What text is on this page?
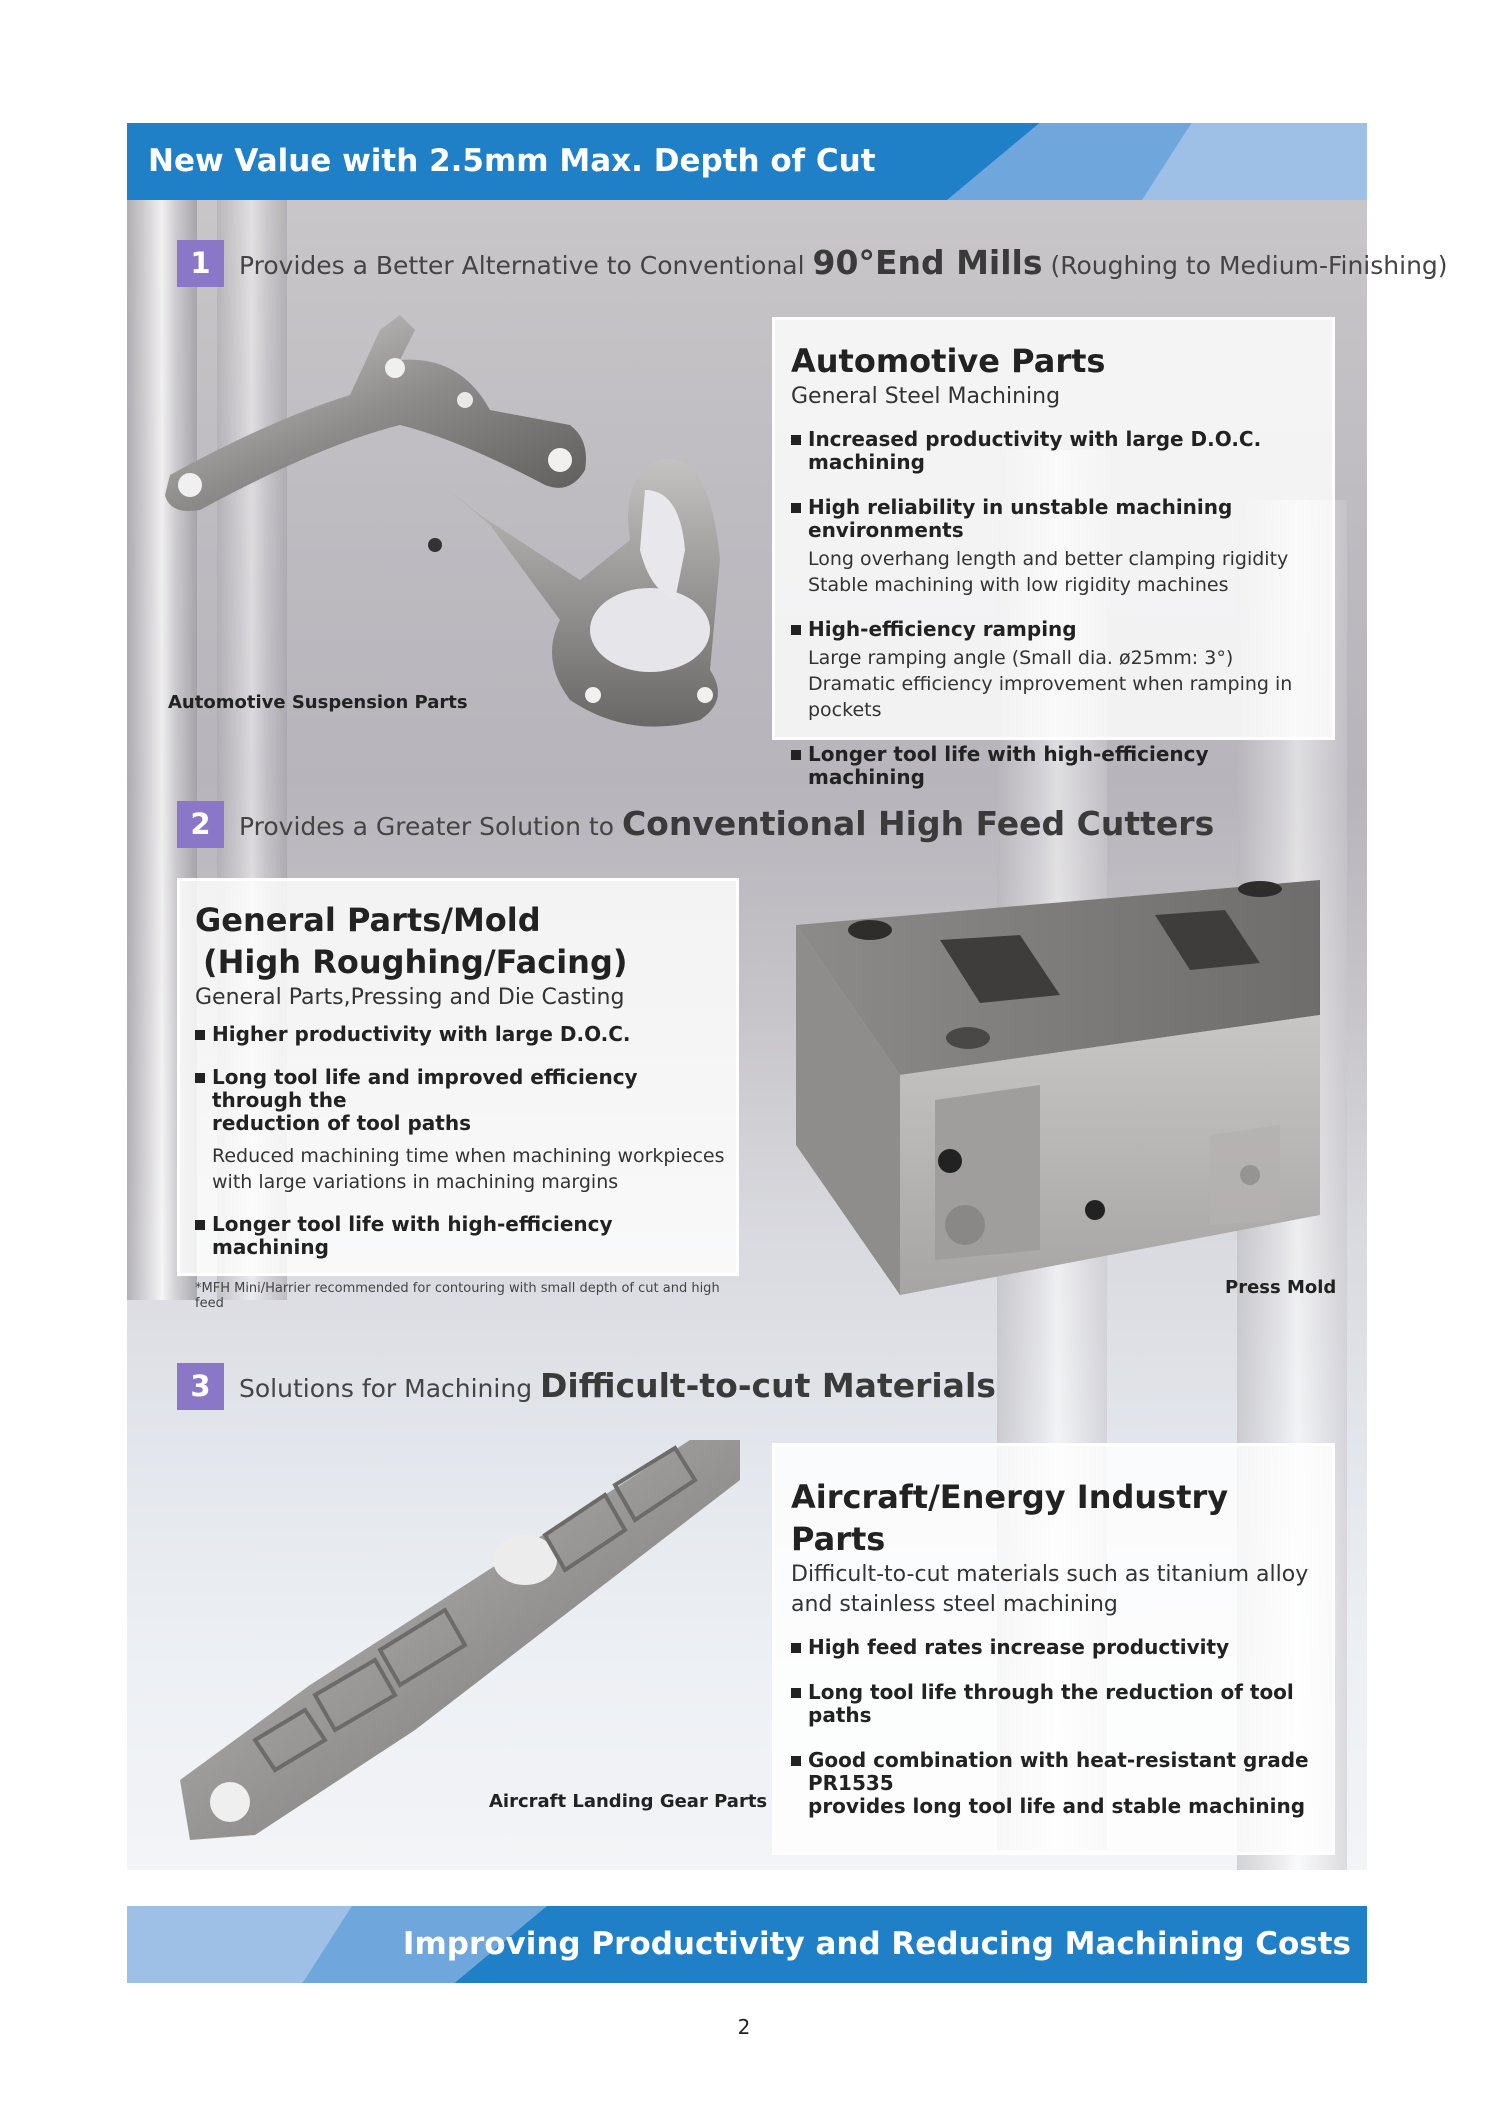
New Value with 2.5mm Max. Depth of Cut
1	Provides a Better Alternative to Conventional 90°End Mills (Roughing to Medium-Finishing)
Automotive Suspension Parts
Automotive Parts
General Steel Machining
Increased productivity with large D.O.C. machining
High reliability in unstable machining environments
Long overhang length and better clamping rigidity
Stable machining with low rigidity machines
High-efficiency ramping
Large ramping angle (Small dia. ø25mm: 3°)
Dramatic efficiency improvement when ramping in pockets
Longer tool life with high-efficiency machining
2	Provides a Greater Solution to Conventional High Feed Cutters
General Parts/Mold
(High Roughing/Facing)
General Parts,Pressing and Die Casting
Higher productivity with large D.O.C.
Long tool life and improved efficiency through the
reduction of tool paths
Reduced machining time when machining workpieces
with large variations in machining margins
Longer tool life with high-efficiency machining
*MFH Mini/Harrier recommended for contouring with small depth of cut and high feed
Press Mold
3	Solutions for Machining Difficult-to-cut Materials
Aircraft Landing Gear Parts
Aircraft/Energy Industry Parts
Difficult-to-cut materials such as titanium alloy
and stainless steel machining
High feed rates increase productivity
Long tool life through the reduction of tool paths
Good combination with heat-resistant grade PR1535
provides long tool life and stable machining
Improving Productivity and Reducing Machining Costs
2
